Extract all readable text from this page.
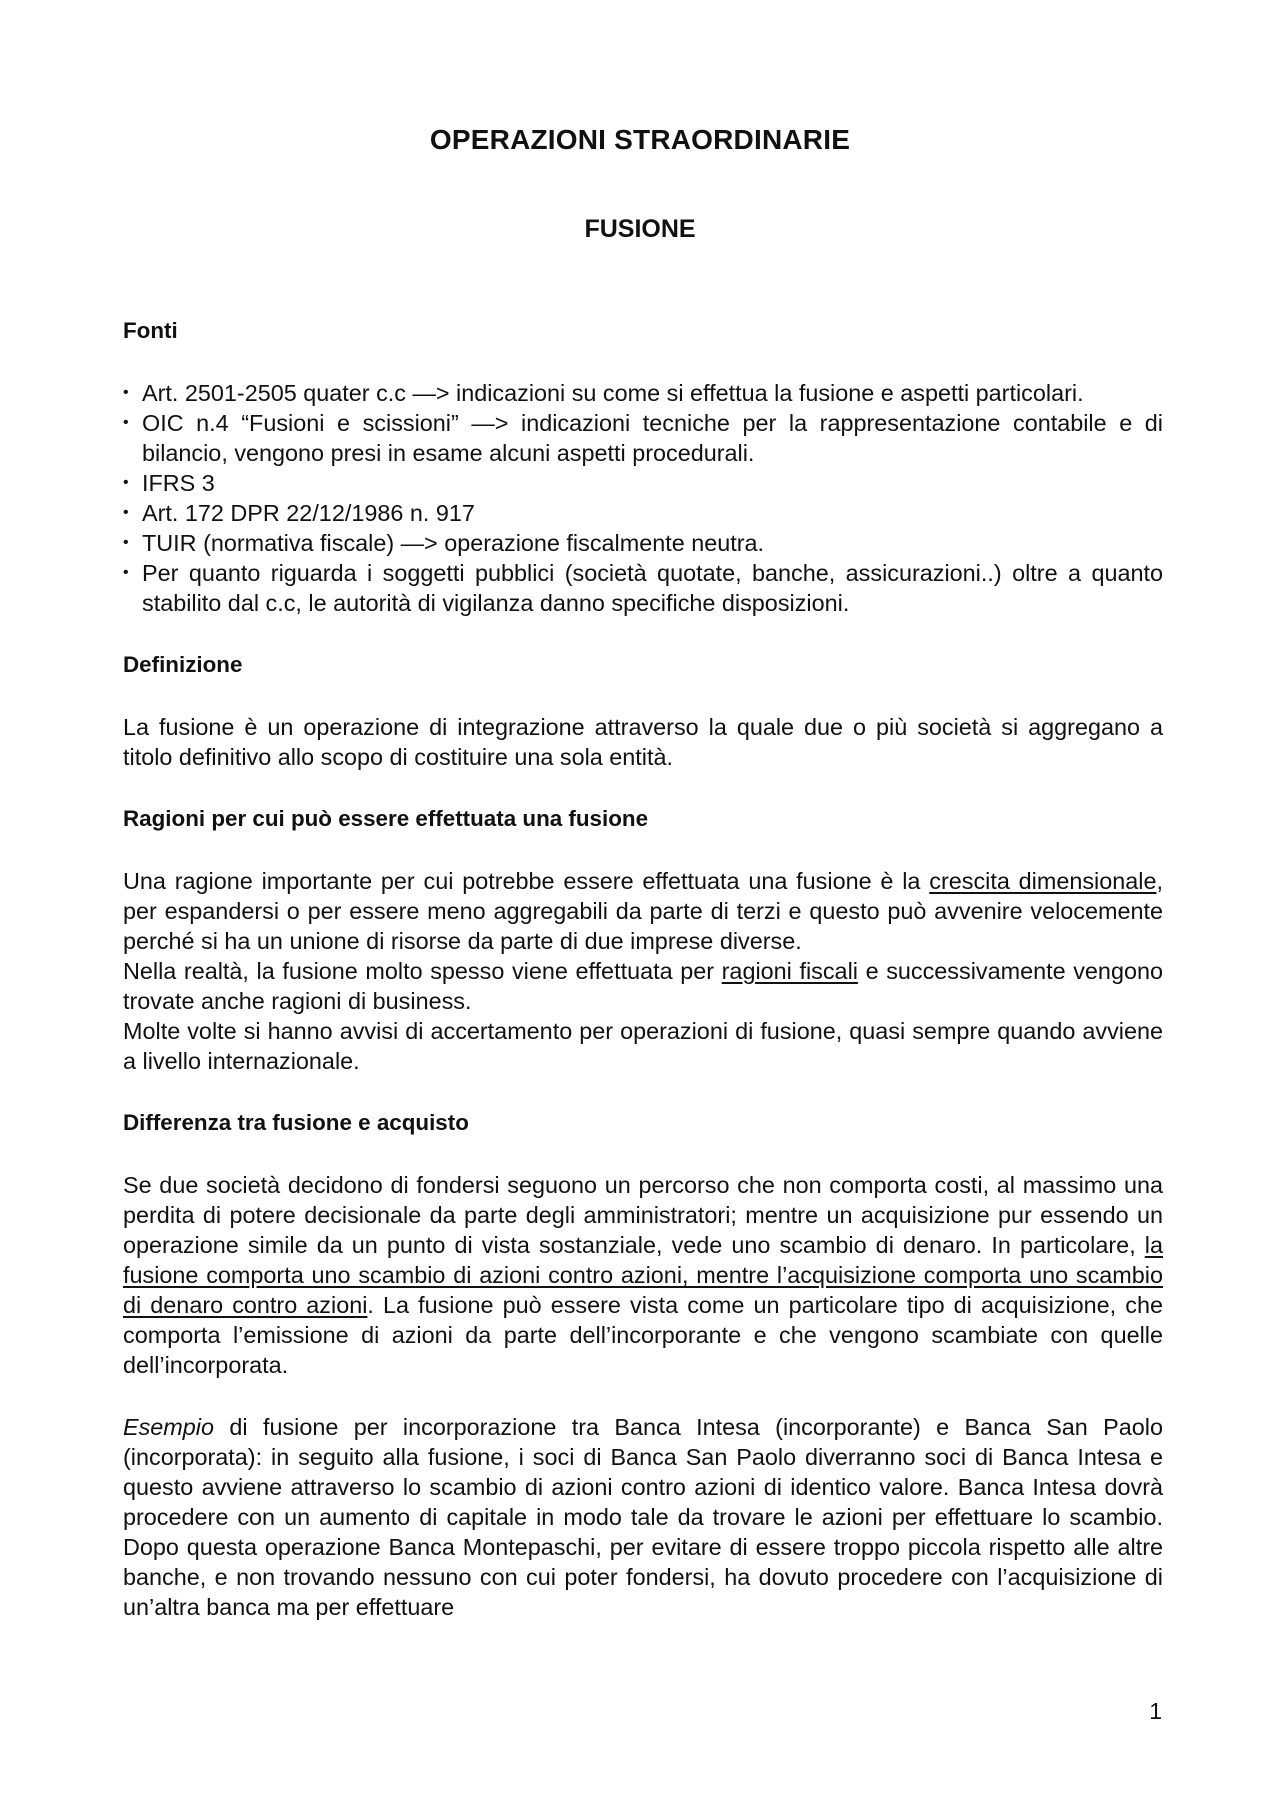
OPERAZIONI STRAORDINARIE
FUSIONE
Fonti
• Art. 2501-2505 quater c.c —> indicazioni su come si effettua la fusione e aspetti particolari.
• OIC n.4 “Fusioni e scissioni” —> indicazioni tecniche per la rappresentazione contabile e di bilancio, vengono presi in esame alcuni aspetti procedurali.
• IFRS 3
• Art. 172 DPR 22/12/1986 n. 917
• TUIR (normativa fiscale) —> operazione fiscalmente neutra.
• Per quanto riguarda i soggetti pubblici (società quotate, banche, assicurazioni..) oltre a quanto stabilito dal c.c, le autorità di vigilanza danno specifiche disposizioni.
Definizione

La fusione è un operazione di integrazione attraverso la quale due o più società si aggregano a titolo definitivo allo scopo di costituire una sola entità.

Ragioni per cui può essere effettuata una fusione

Una ragione importante per cui potrebbe essere effettuata una fusione è la crescita dimensionale, per espandersi o per essere meno aggregabili da parte di terzi e questo può avvenire velocemente perché si ha un unione di risorse da parte di due imprese diverse.

Nella realtà, la fusione molto spesso viene effettuata per ragioni fiscali e successivamente vengono trovate anche ragioni di business.

Molte volte si hanno avvisi di accertamento per operazioni di fusione, quasi sempre quando avviene a livello internazionale.

Differenza tra fusione e acquisto

Se due società decidono di fondersi seguono un percorso che non comporta costi, al massimo una perdita di potere decisionale da parte degli amministratori; mentre un acquisizione pur essendo un operazione simile da un punto di vista sostanziale, vede uno scambio di denaro. In particolare, la fusione comporta uno scambio di azioni contro azioni, mentre l’acquisizione comporta uno scambio di denaro contro azioni. La fusione può essere vista come un particolare tipo di acquisizione, che comporta l’emissione di azioni da parte dell’incorporante e che vengono scambiate con quelle dell’incorporata.

Esempio di fusione per incorporazione tra Banca Intesa (incorporante) e Banca San Paolo (incorporata): in seguito alla fusione, i soci di Banca San Paolo diverranno soci di Banca Intesa e questo avviene attraverso lo scambio di azioni contro azioni di identico valore. Banca Intesa dovrà procedere con un aumento di capitale in modo tale da trovare le azioni per effettuare lo scambio. Dopo questa operazione Banca Montepaschi, per evitare di essere troppo piccola rispetto alle altre banche, e non trovando nessuno con cui poter fondersi, ha dovuto procedere con l’acquisizione di un’altra banca ma per effettuare

1
